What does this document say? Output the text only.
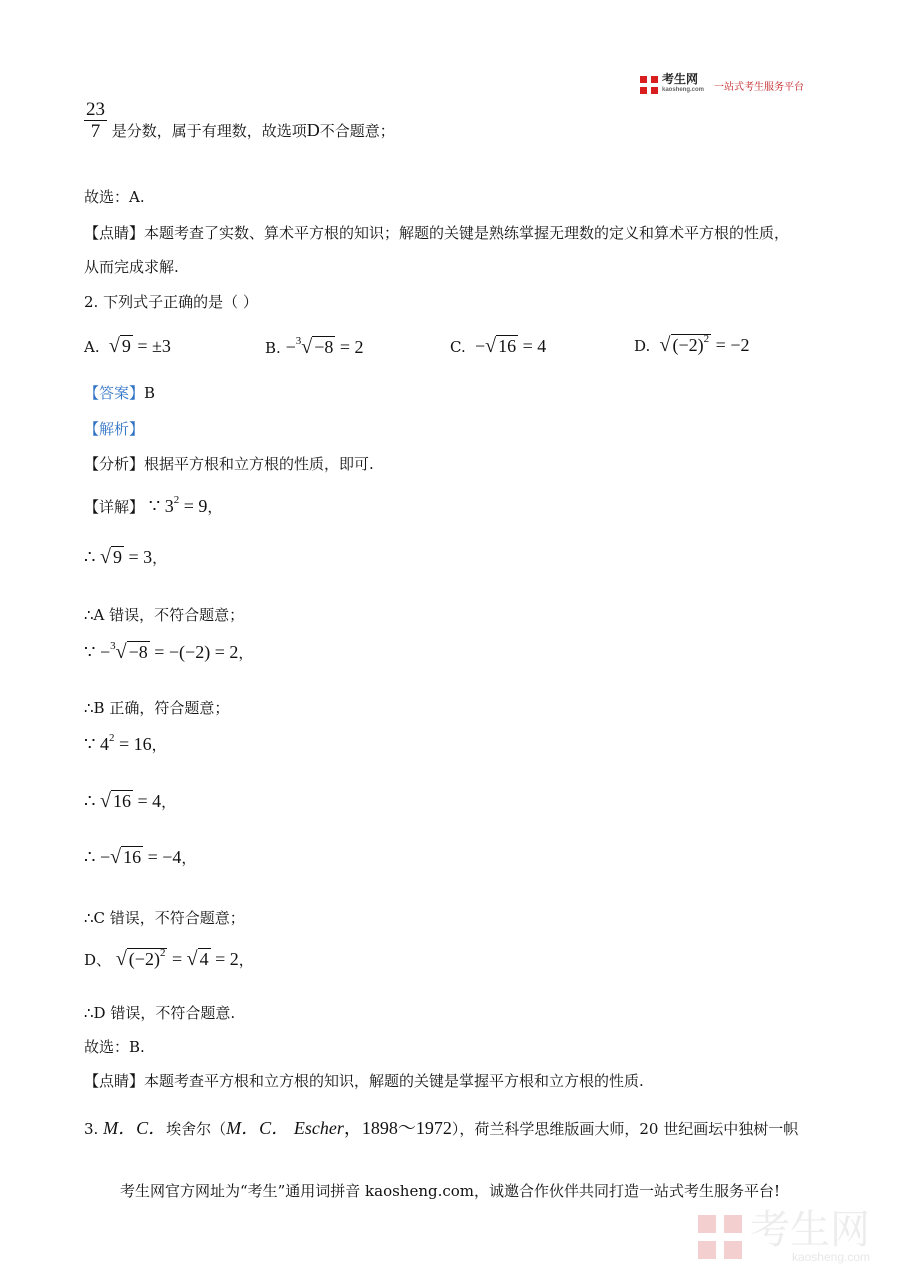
考生网
kaosheng.com 一站式考生服务平台
$\frac{23}{7}$ 是分数，属于有理数，故选项D不合题意；
故选：A.
【点睛】本题考查了实数、算术平方根的知识；解题的关键是熟练掌握无理数的定义和算术平方根的性质，
从而完成求解.
2. 下列式子正确的是（ ）
A. √ 9 = ±3	B. −$^3$√ −8 = 2	C.  −√ 16 = 4	D. √ $(-2)^2 = -2$
【答案】B
【解析】
【分析】根据平方根和立方根的性质，即可.
【详解】 ∵ $3^2 = 9$，
∴ √ 9 = 3，
∴A 错误，不符合题意；
∵ −$^3$√ −8 = −(−2) = 2，
∴B 正确，符合题意；
∵ $4^2 = 16$，
∴ √ 16 = 4，
∴ −√ 16 = −4，
∴C 错误，不符合题意；
D、 √ $(-2)^2$ = √ 4 = 2，
∴D 错误，不符合题意.
故选：B.
【点睛】本题考查平方根和立方根的知识，解题的关键是掌握平方根和立方根的性质.
3. M．C．埃舍尔（M．C． Escher，1898～1972），荷兰科学思维版画大师，20 世纪画坛中独树一帜
考生网官方网址为“考生”通用词拼音 kaosheng.com，诚邀合作伙伴共同打造一站式考生服务平台!
考生网
kaosheng.com
